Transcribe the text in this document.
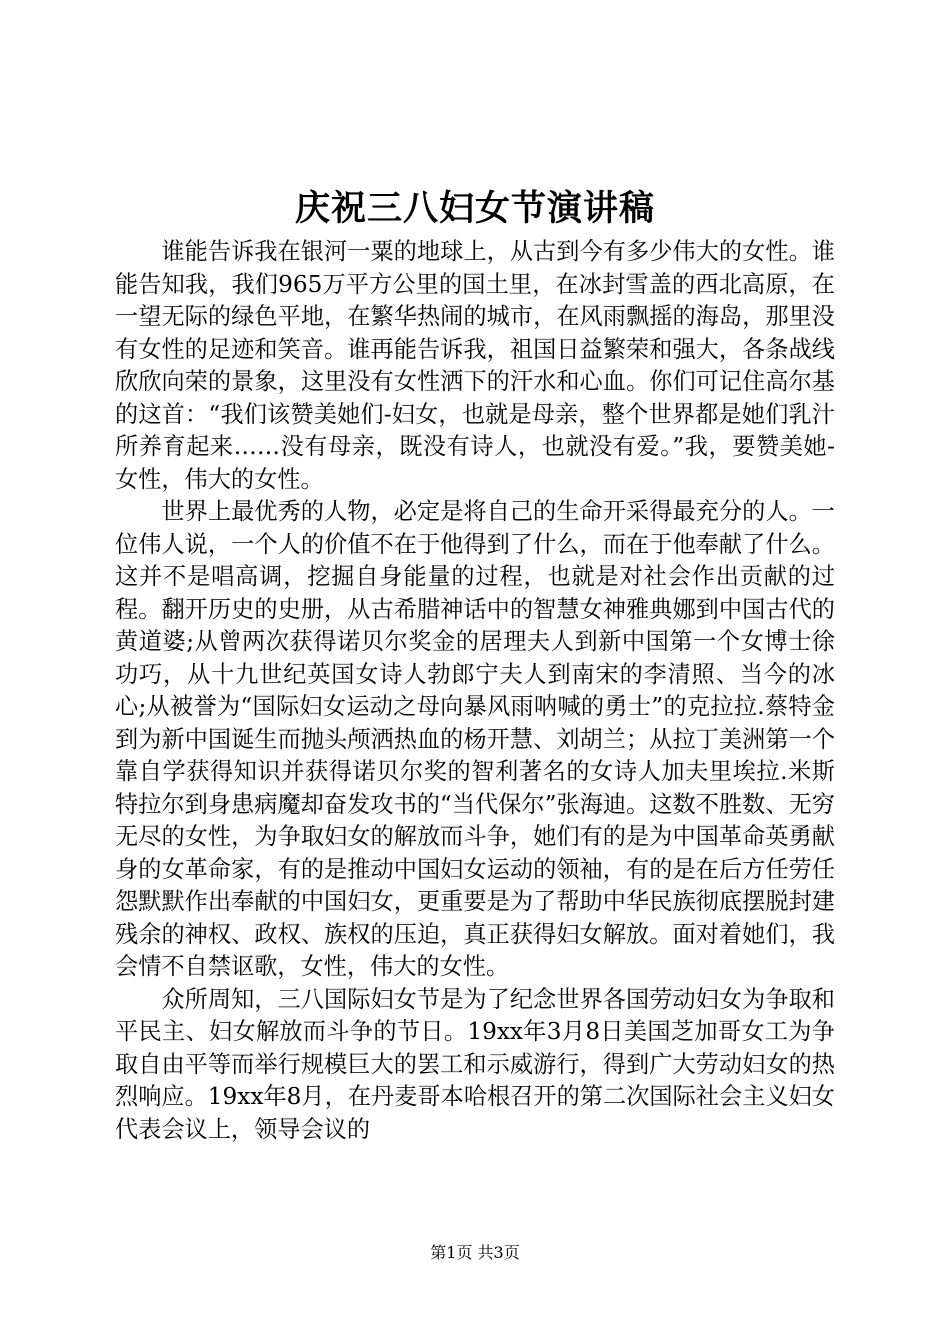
庆祝三八妇女节演讲稿

谁能告诉我在银河一粟的地球上，从古到今有多少伟大的女性。谁能告知我，我们965万平方公里的国土里，在冰封雪盖的西北高原，在一望无际的绿色平地，在繁华热闹的城市，在风雨飘摇的海岛，那里没有女性的足迹和笑音。谁再能告诉我，祖国日益繁荣和强大，各条战线欣欣向荣的景象，这里没有女性洒下的汗水和心血。你们可记住高尔基的这首：“我们该赞美她们-妇女，也就是母亲，整个世界都是她们乳汁所养育起来……没有母亲，既没有诗人，也就没有爱。”我，要赞美她-女性，伟大的女性。

世界上最优秀的人物，必定是将自己的生命开采得最充分的人。一位伟人说，一个人的价值不在于他得到了什么，而在于他奉献了什么。这并不是唱高调，挖掘自身能量的过程，也就是对社会作出贡献的过程。翻开历史的史册，从古希腊神话中的智慧女神雅典娜到中国古代的黄道婆;从曾两次获得诺贝尔奖金的居理夫人到新中国第一个女博士徐功巧，从十九世纪英国女诗人勃郎宁夫人到南宋的李清照、当今的冰心;从被誉为“国际妇女运动之母向暴风雨呐喊的勇士”的克拉拉.蔡特金到为新中国诞生而抛头颅洒热血的杨开慧、刘胡兰；从拉丁美洲第一个靠自学获得知识并获得诺贝尔奖的智利著名的女诗人加夫里埃拉.米斯特拉尔到身患病魔却奋发攻书的“当代保尔”张海迪。这数不胜数、无穷无尽的女性，为争取妇女的解放而斗争，她们有的是为中国革命英勇献身的女革命家，有的是推动中国妇女运动的领袖，有的是在后方任劳任怨默默作出奉献的中国妇女，更重要是为了帮助中华民族彻底摆脱封建残余的神权、政权、族权的压迫，真正获得妇女解放。面对着她们，我会情不自禁讴歌，女性，伟大的女性。

众所周知，三八国际妇女节是为了纪念世界各国劳动妇女为争取和平民主、妇女解放而斗争的节日。19xx年3月8日美国芝加哥女工为争取自由平等而举行规模巨大的罢工和示威游行，得到广大劳动妇女的热烈响应。19xx年8月，在丹麦哥本哈根召开的第二次国际社会主义妇女代表会议上，领导会议的

第1页 共3页
